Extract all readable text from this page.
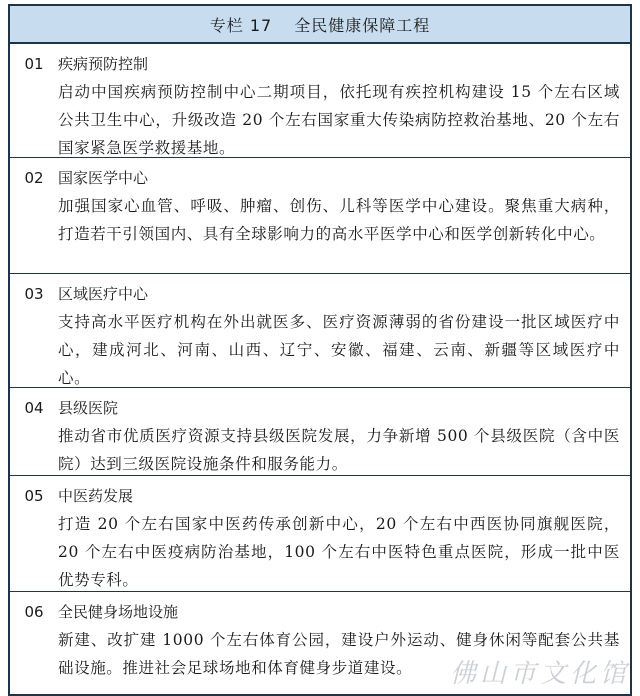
专栏 17 全民健康保障工程
01 疾病预防控制
启动中国疾病预防控制中心二期项目，依托现有疾控机构建设 15 个左右区域公共卫生中心，升级改造 20 个左右国家重大传染病防控救治基地、20 个左右国家紧急医学救援基地。
02 国家医学中心
加强国家心血管、呼吸、肿瘤、创伤、儿科等医学中心建设。聚焦重大病种，打造若干引领国内、具有全球影响力的高水平医学中心和医学创新转化中心。
03 区域医疗中心
支持高水平医疗机构在外出就医多、医疗资源薄弱的省份建设一批区域医疗中心，建成河北、河南、山西、辽宁、安徽、福建、云南、新疆等区域医疗中心。
04 县级医院
推动省市优质医疗资源支持县级医院发展，力争新增 500 个县级医院（含中医院）达到三级医院设施条件和服务能力。
05 中医药发展
打造 20 个左右国家中医药传承创新中心，20 个左右中西医协同旗舰医院，20 个左右中医疫病防治基地，100 个左右中医特色重点医院，形成一批中医优势专科。
06 全民健身场地设施
新建、改扩建 1000 个左右体育公园，建设户外运动、健身休闲等配套公共基础设施。推进社会足球场地和体育健身步道建设。	佛山市文化馆
